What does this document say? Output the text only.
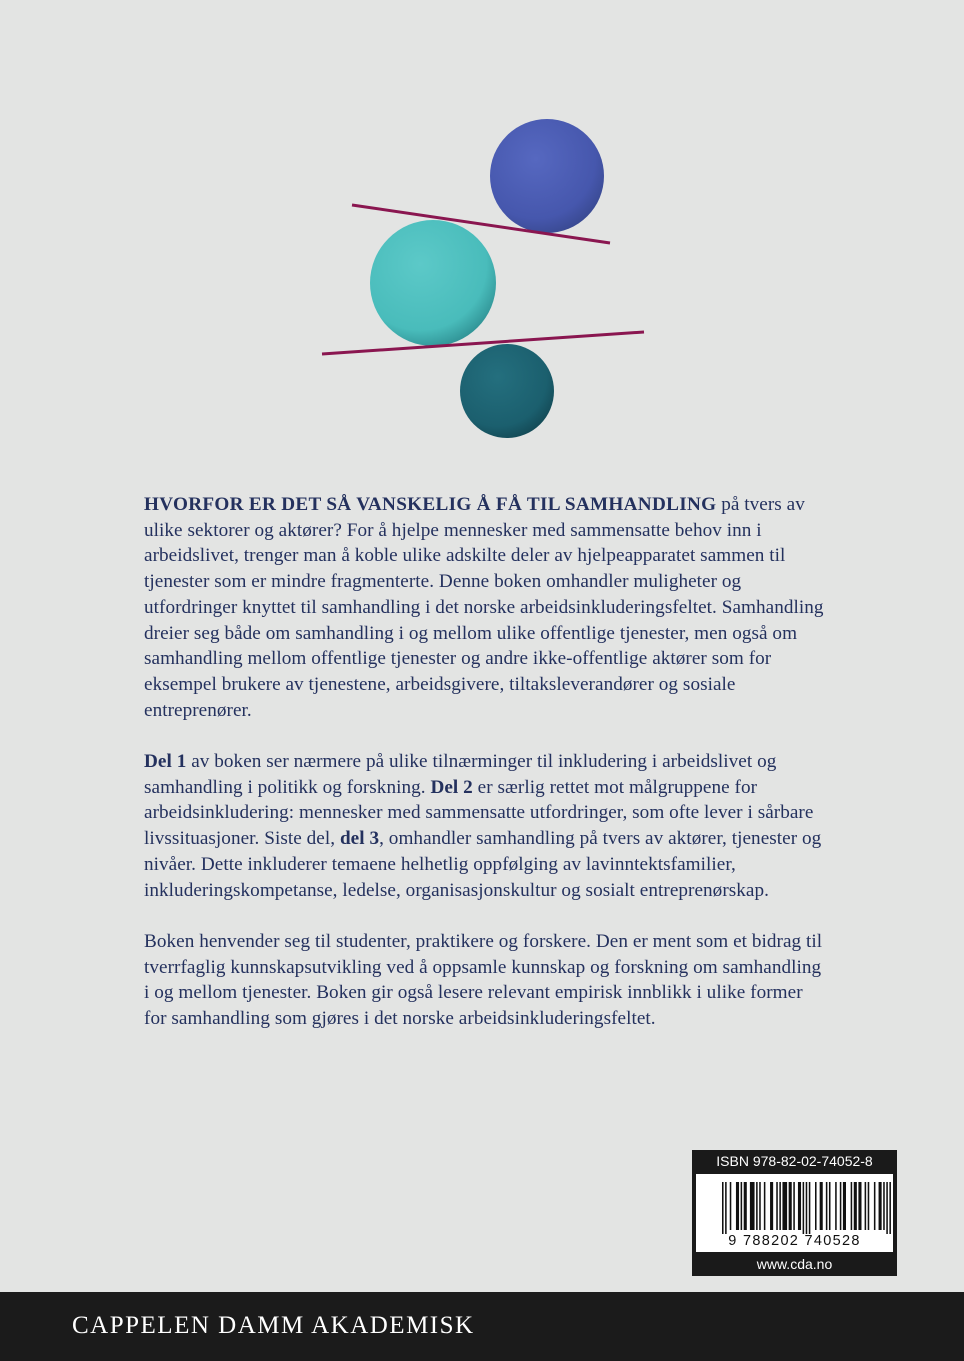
HVORFOR ER DET SÅ VANSKELIG Å FÅ TIL SAMHANDLING på tvers av ulike sektorer og aktører? For å hjelpe mennesker med sammensatte behov inn i arbeidslivet, trenger man å koble ulike adskilte deler av hjelpeapparatet sammen til tjenester som er mindre fragmenterte. Denne boken omhandler muligheter og utfordringer knyttet til samhandling i det norske arbeidsinkluderingsfeltet. Samhandling dreier seg både om samhandling i og mellom ulike offentlige tjenester, men også om samhandling mellom offentlige tjenester og andre ikke-offentlige aktører som for eksempel brukere av tjenestene, arbeidsgivere, tiltaksleverandører og sosiale entreprenører.

Del 1 av boken ser nærmere på ulike tilnærminger til inkludering i arbeidslivet og samhandling i politikk og forskning. Del 2 er særlig rettet mot målgruppene for arbeidsinkludering: mennesker med sammensatte utfordringer, som ofte lever i sårbare livssituasjoner. Siste del, del 3, omhandler samhandling på tvers av aktører, tjenester og nivåer. Dette inkluderer temaene helhetlig oppfølging av lavinntektsfamilier, inkluderingskompetanse, ledelse, organisasjonskultur og sosialt entreprenørskap.

Boken henvender seg til studenter, praktikere og forskere. Den er ment som et bidrag til tverrfaglig kunnskapsutvikling ved å oppsamle kunnskap og forskning om samhandling i og mellom tjenester. Boken gir også lesere relevant empirisk innblikk i ulike former for samhandling som gjøres i det norske arbeidsinkluderingsfeltet.

ISBN 978-82-02-74052-8
9 788202 740528
www.cda.no
CAPPELEN DAMM AKADEMISK
